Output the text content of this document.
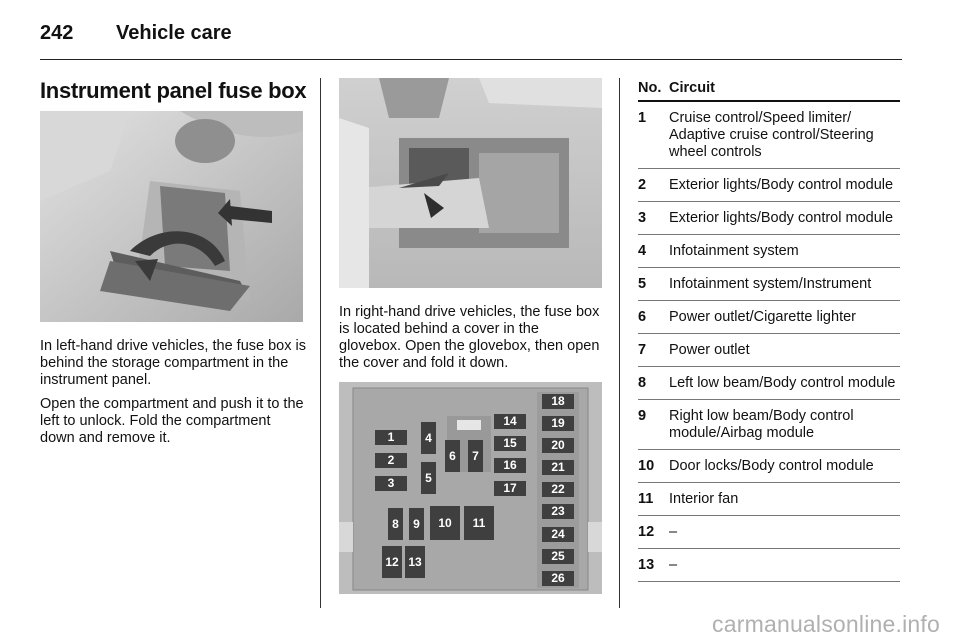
242 Vehicle care
Instrument panel fuse box

In left-hand drive vehicles, the fuse box is behind the storage compartment in the instrument panel.

Open the compartment and push it to the left to unlock. Fold the compartment down and remove it.

In right-hand drive vehicles, the fuse box is located behind a cover in the glovebox. Open the glovebox, then open the cover and fold it down.

1
2
3
4
5
6	7
14
15
16
17
18
19
20
21
22
23
24
25
26
8	9	10	11
12 13
No. Circuit
1	Cruise control/Speed limiter/ Adaptive cruise control/Steering wheel controls
2	Exterior lights/Body control module
3	Exterior lights/Body control module
4	Infotainment system
5	Infotainment system/Instrument
6	Power outlet/Cigarette lighter
7	Power outlet
8	Left low beam/Body control module
9	Right low beam/Body control module/Airbag module
10	Door locks/Body control module
11	Interior fan
12	–
13	–
carmanualsonline.info
